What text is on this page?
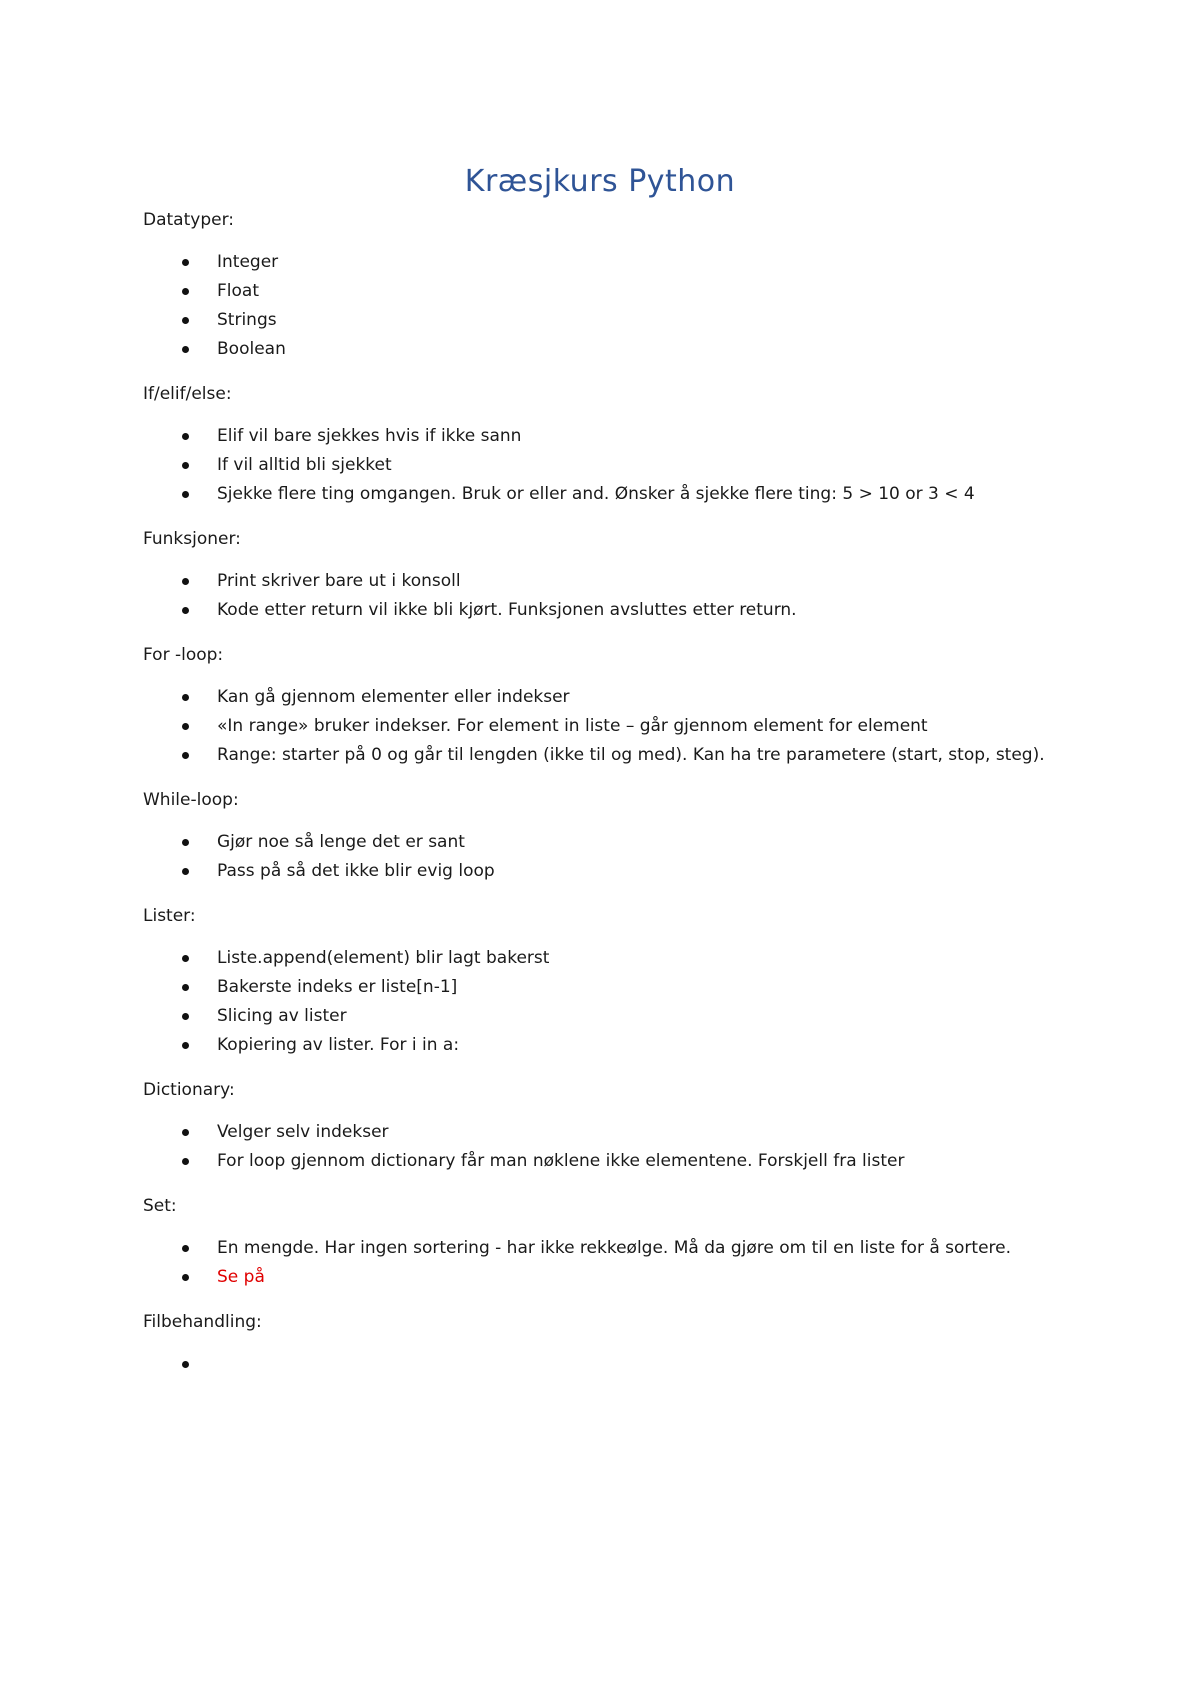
Kræsjkurs Python
Datatyper:
Integer
Float
Strings
Boolean
If/elif/else:
Elif vil bare sjekkes hvis if ikke sann
If vil alltid bli sjekket
Sjekke flere ting omgangen. Bruk or eller and. Ønsker å sjekke flere ting: 5 > 10 or 3 < 4
Funksjoner:
Print skriver bare ut i konsoll
Kode etter return vil ikke bli kjørt. Funksjonen avsluttes etter return.
For -loop:
Kan gå gjennom elementer eller indekser
«In range» bruker indekser. For element in liste – går gjennom element for element
Range: starter på 0 og går til lengden (ikke til og med). Kan ha tre parametere (start, stop, steg).
While-loop:
Gjør noe så lenge det er sant
Pass på så det ikke blir evig loop
Lister:
Liste.append(element) blir lagt bakerst
Bakerste indeks er liste[n-1]
Slicing av lister
Kopiering av lister. For i in a:
Dictionary:
Velger selv indekser
For loop gjennom dictionary får man nøklene ikke elementene. Forskjell fra lister
Set:
En mengde. Har ingen sortering - har ikke rekkeølge. Må da gjøre om til en liste for å sortere.
Se på
Filbehandling:
